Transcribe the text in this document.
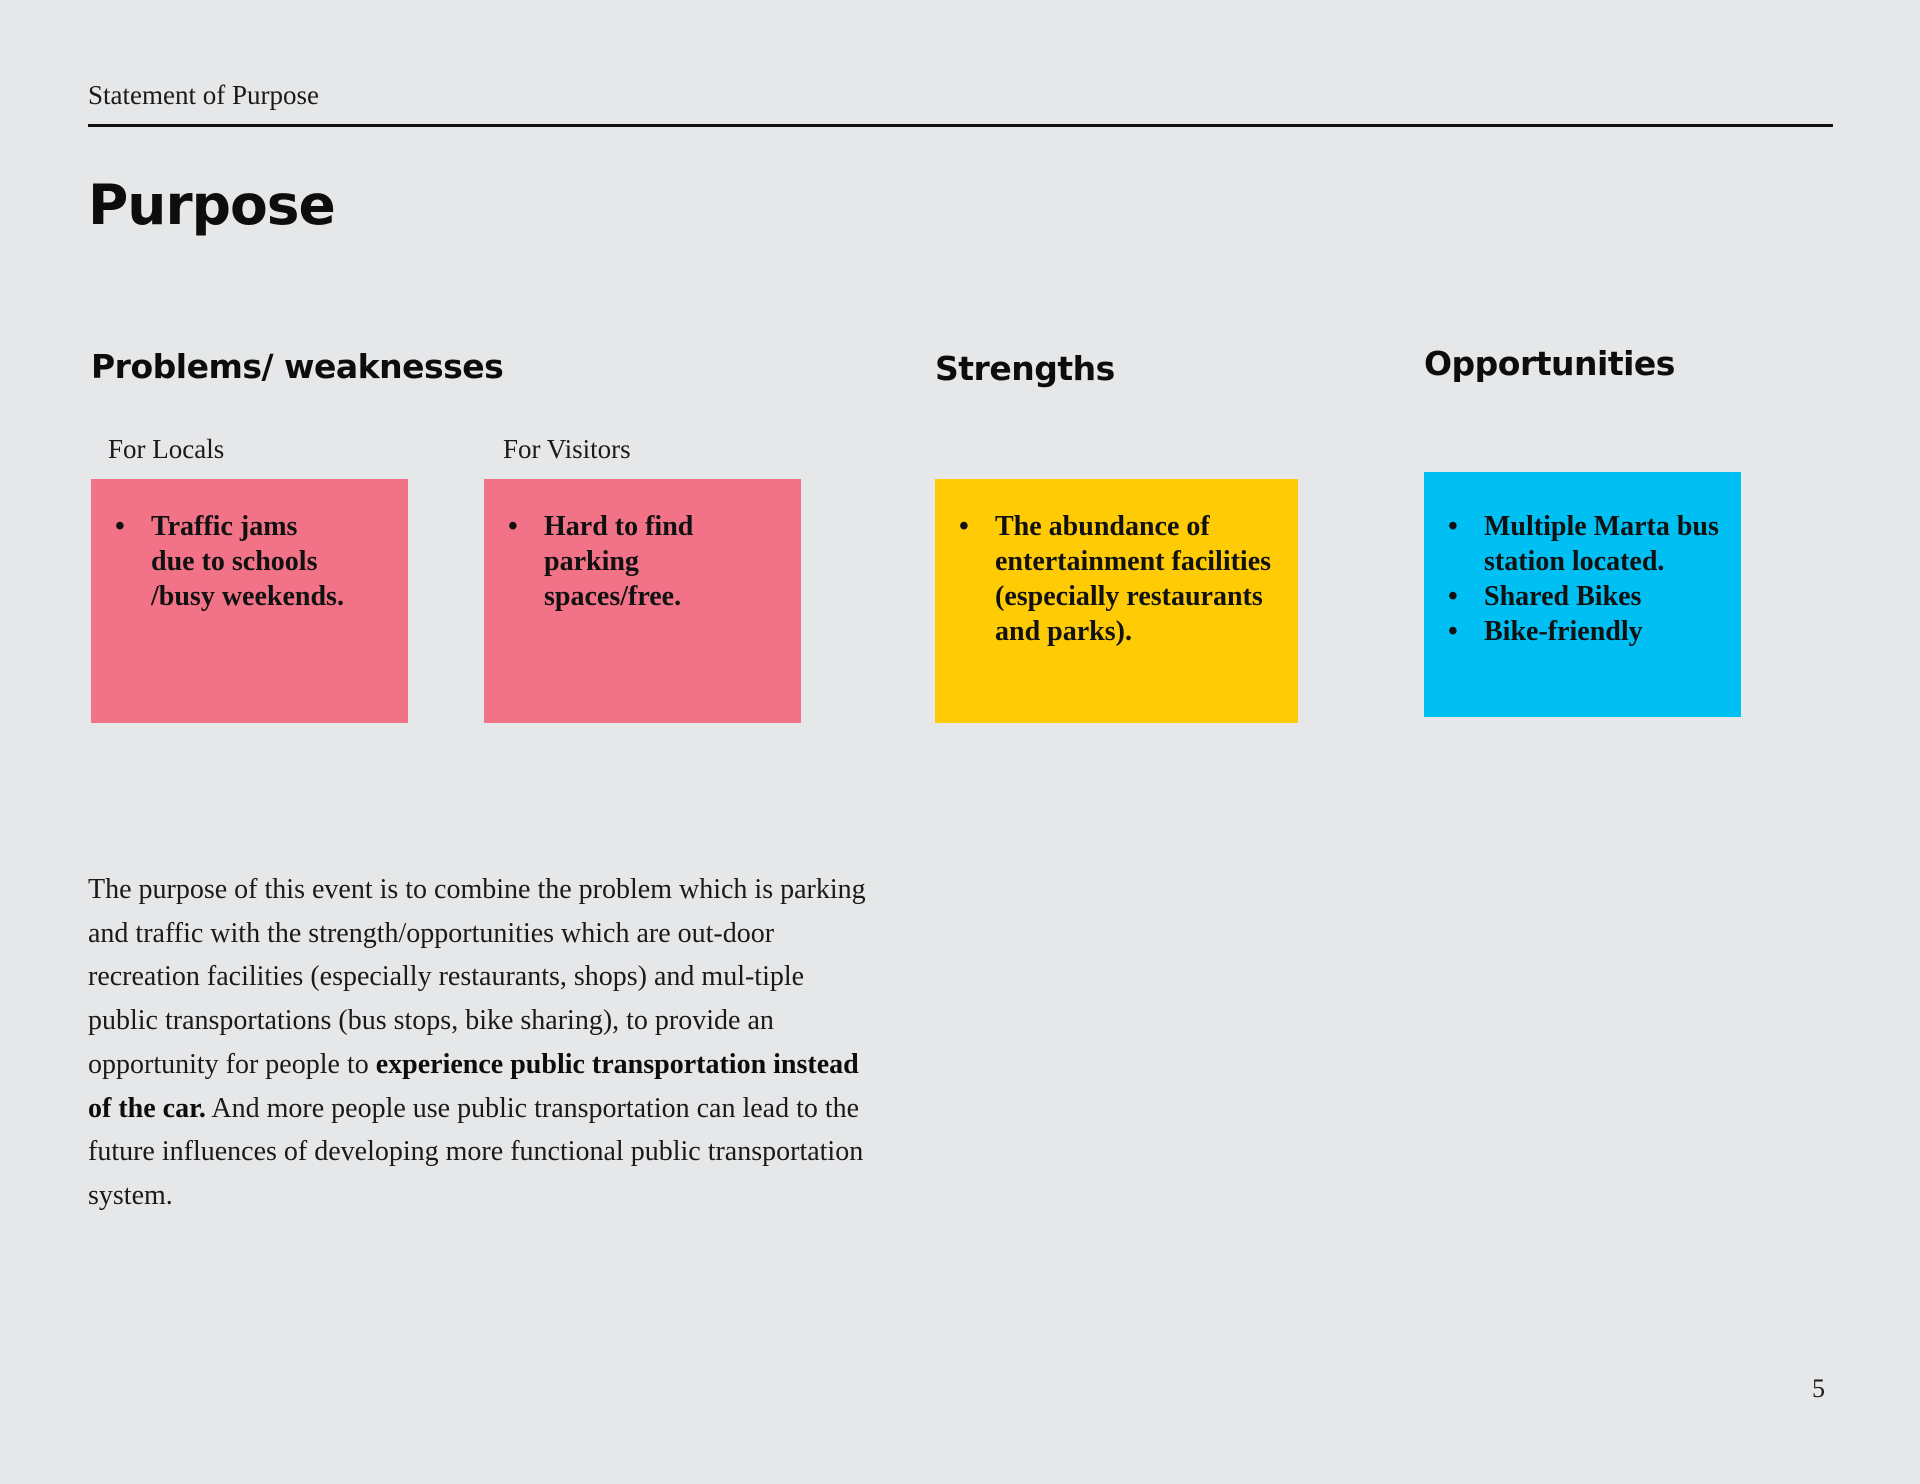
Statement of Purpose
Purpose
Problems/ weaknesses
For Locals	For Visitors
• Traffic jams
due to schools
/busy weekends.
• Hard to find
parking spaces/free.
Strengths
• The abundance of
entertainment facilities
(especially restaurants
and parks).
Opportunities
• Multiple Marta bus
station located.
• Shared Bikes
• Bike-friendly

The purpose of this event is to combine the problem which is parking and traffic with the strength/opportunities which are out-door recreation facilities (especially restaurants, shops) and mul-tiple public transportations (bus stops, bike sharing), to provide an opportunity for people to experience public transportation instead of the car. And more people use public transportation can lead to the future influences of developing more functional public transportation system.

5
